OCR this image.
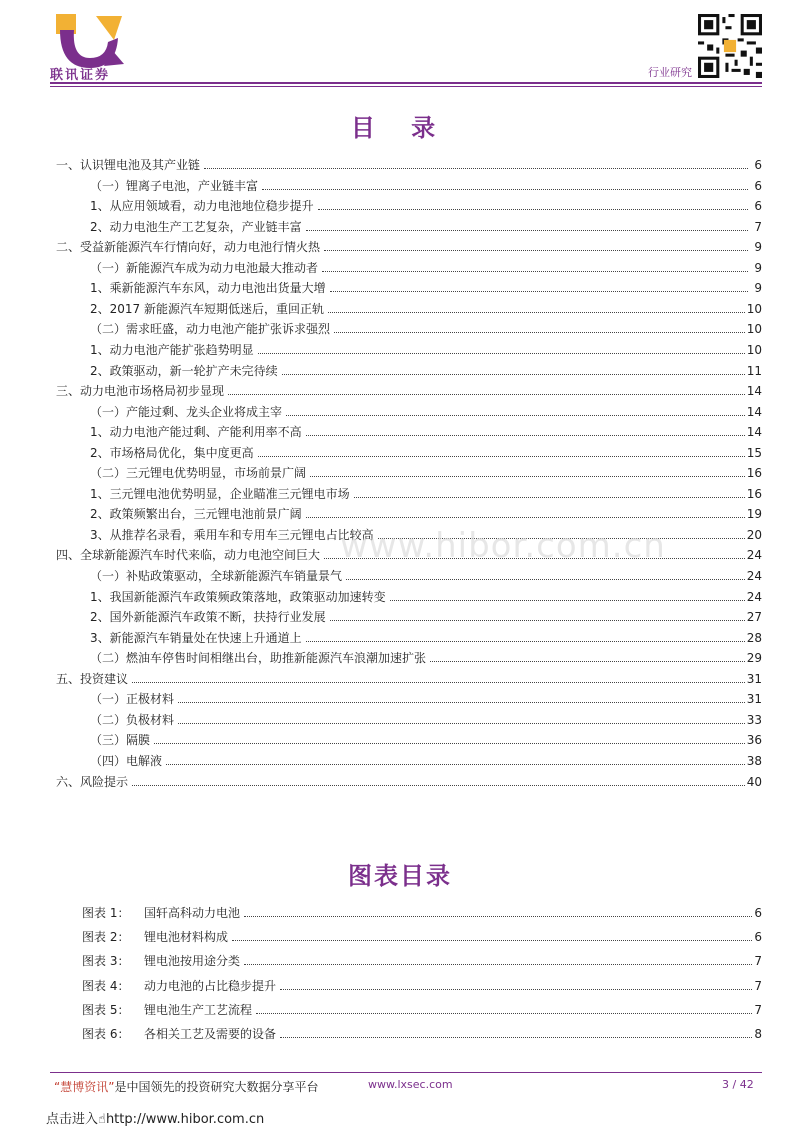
联讯证券	行业研究
目 录
一、认识锂电池及其产业链	6
（一）锂离子电池，产业链丰富	6
1、从应用领域看，动力电池地位稳步提升	6
2、动力电池生产工艺复杂，产业链丰富	7
二、受益新能源汽车行情向好，动力电池行情火热	9
（一）新能源汽车成为动力电池最大推动者	9
1、乘新能源汽车东风，动力电池出货量大增	9
2、2017 新能源汽车短期低迷后，重回正轨	10
（二）需求旺盛，动力电池产能扩张诉求强烈	10
1、动力电池产能扩张趋势明显	10
2、政策驱动，新一轮扩产未完待续	11
三、动力电池市场格局初步显现	14
（一）产能过剩、龙头企业将成主宰	14
1、动力电池产能过剩、产能利用率不高	14
2、市场格局优化，集中度更高	15
（二）三元锂电优势明显，市场前景广阔	16
1、三元锂电池优势明显，企业瞄准三元锂电市场	16
2、政策频繁出台，三元锂电池前景广阔	19
3、从推荐名录看，乘用车和专用车三元锂电占比较高	20
四、全球新能源汽车时代来临，动力电池空间巨大	24
（一）补贴政策驱动，全球新能源汽车销量景气	24
1、我国新能源汽车政策频政策落地，政策驱动加速转变	24
2、国外新能源汽车政策不断，扶持行业发展	27
3、新能源汽车销量处在快速上升通道上	28
（二）燃油车停售时间相继出台，助推新能源汽车浪潮加速扩张	29
五、投资建议	31
（一）正极材料	31
（二）负极材料	33
（三）隔膜	36
（四）电解液	38
六、风险提示	40
www.hibor.com.cn
图表目录
图表 1：	国轩高科动力电池	6
图表 2：	锂电池材料构成	6
图表 3：	锂电池按用途分类	7
图表 4：	动力电池的占比稳步提升	7
图表 5：	锂电池生产工艺流程	7
图表 6：	各相关工艺及需要的设备	8
“慧博资讯”是中国领先的投资研究大数据分享平台	www.lxsec.com	3 / 42
点击进入☝http://www.hibor.com.cn
